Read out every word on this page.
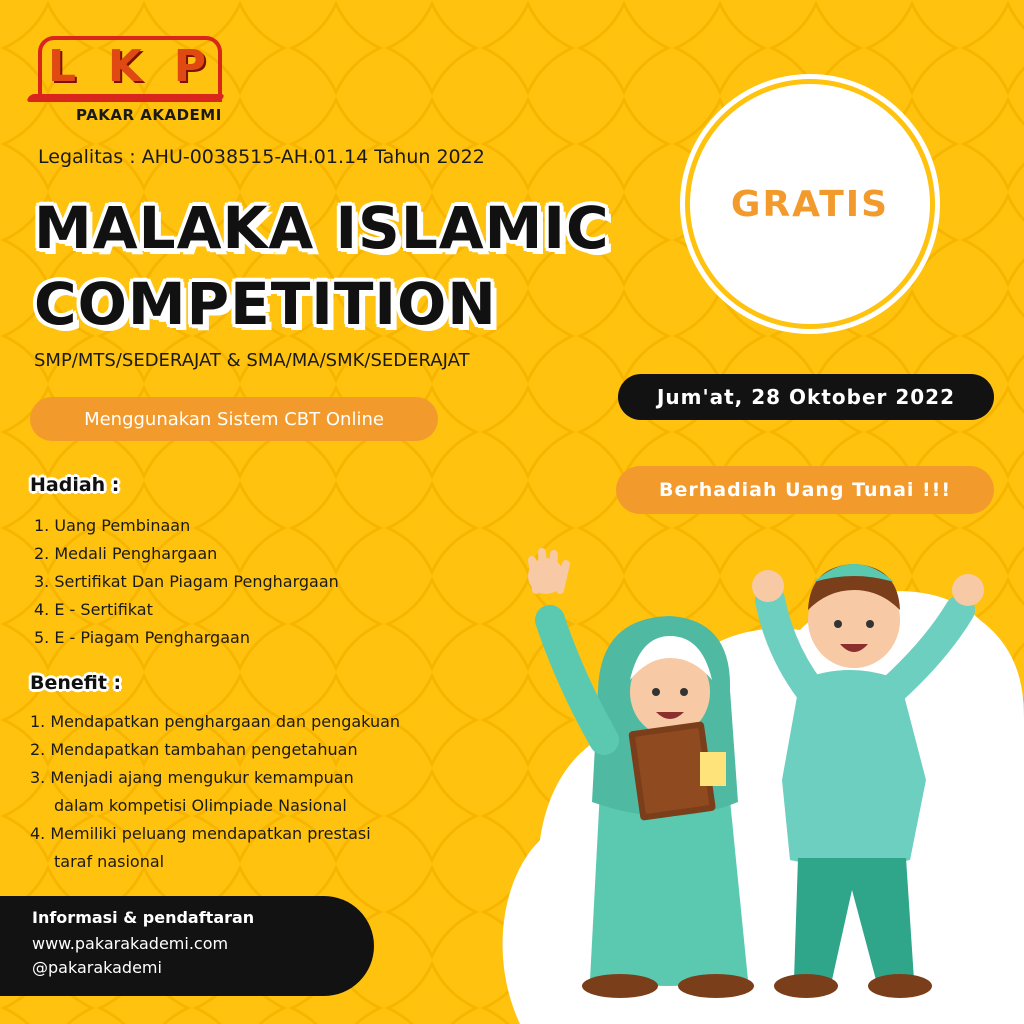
L K P
PAKAR AKADEMI
Legalitas : AHU-0038515-AH.01.14 Tahun 2022
MALAKA ISLAMIC
COMPETITION
SMP/MTS/SEDERAJAT & SMA/MA/SMK/SEDERAJAT
Menggunakan Sistem CBT Online
GRATIS
Jum'at, 28 Oktober 2022
Berhadiah Uang Tunai !!!
Hadiah :
1. Uang Pembinaan
2. Medali Penghargaan
3. Sertifikat Dan Piagam Penghargaan
4. E - Sertifikat
5. E - Piagam Penghargaan
Benefit :
1. Mendapatkan penghargaan dan pengakuan
2. Mendapatkan tambahan pengetahuan
3. Menjadi ajang mengukur kemampuan
dalam kompetisi Olimpiade Nasional
4. Memiliki peluang mendapatkan prestasi
taraf nasional
Informasi & pendaftaran
www.pakarakademi.com
@pakarakademi
